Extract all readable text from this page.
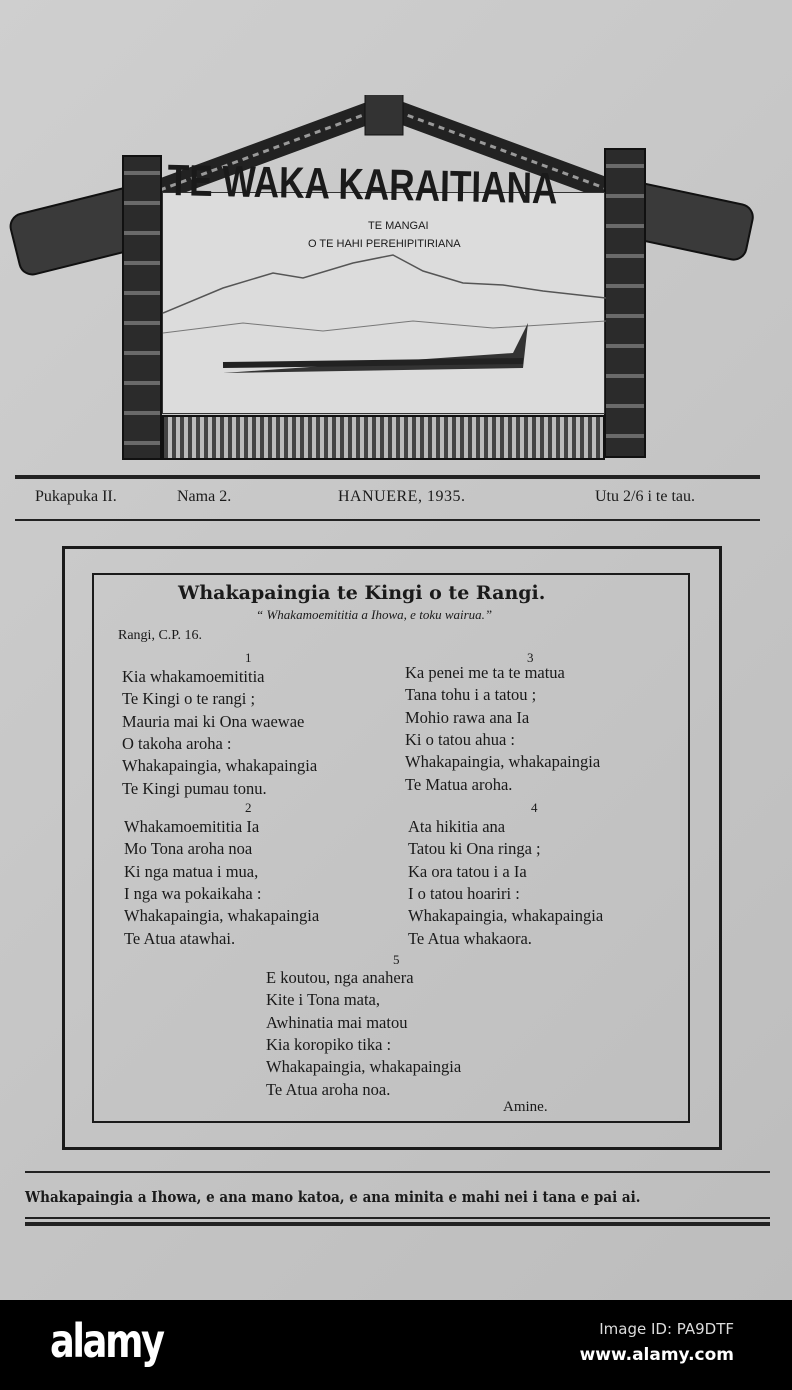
TE WAKA KARAITIANA
TE MANGAI
O TE HAHI PEREHIPITIRIANA
Pukapuka II.	Nama 2.	HANUERE, 1935.	Utu 2/6 i te tau.
Whakapaingia te Kingi o te Rangi.
“ Whakamoemititia a Ihowa, e toku wairua.”
Rangi, C.P. 16.
1
Kia whakamoemititia
Te Kingi o te rangi ;
Mauria mai ki Ona waewae
O takoha aroha :
Whakapaingia, whakapaingia
Te Kingi pumau tonu.
2
Whakamoemititia Ia
Mo Tona aroha noa
Ki nga matua i mua,
I nga wa pokaikaha :
Whakapaingia, whakapaingia
Te Atua atawhai.
3
Ka penei me ta te matua
Tana tohu i a tatou ;
Mohio rawa ana Ia
Ki o tatou ahua :
Whakapaingia, whakapaingia
Te Matua aroha.
4
Ata hikitia ana
Tatou ki Ona ringa ;
Ka ora tatou i a Ia
I o tatou hoariri :
Whakapaingia, whakapaingia
Te Atua whakaora.
5
E koutou, nga anahera
Kite i Tona mata,
Awhinatia mai matou
Kia koropiko tika :
Whakapaingia, whakapaingia
Te Atua aroha noa.
Amine.
Whakapaingia a Ihowa, e ana mano katoa, e ana minita e mahi nei i tana e pai ai.
alamy	Image ID: PA9DTF
www.alamy.com
